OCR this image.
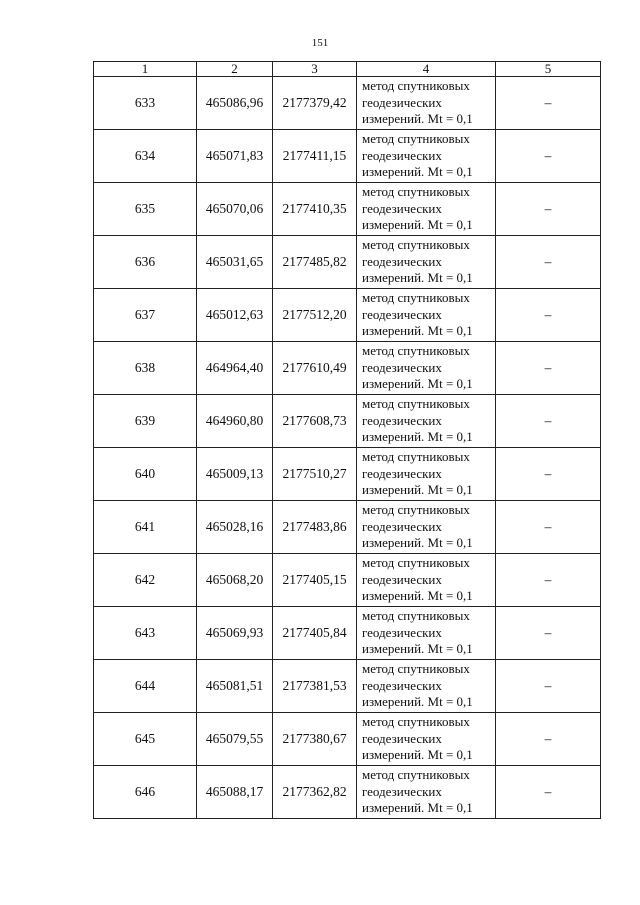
151
1	2	3	4	5
633	465086,96	2177379,42	метод спутниковых
геодезических
измерений. Mt = 0,1	–
634	465071,83	2177411,15	метод спутниковых
геодезических
измерений. Mt = 0,1	–
635	465070,06	2177410,35	метод спутниковых
геодезических
измерений. Mt = 0,1	–
636	465031,65	2177485,82	метод спутниковых
геодезических
измерений. Mt = 0,1	–
637	465012,63	2177512,20	метод спутниковых
геодезических
измерений. Mt = 0,1	–
638	464964,40	2177610,49	метод спутниковых
геодезических
измерений. Mt = 0,1	–
639	464960,80	2177608,73	метод спутниковых
геодезических
измерений. Mt = 0,1	–
640	465009,13	2177510,27	метод спутниковых
геодезических
измерений. Mt = 0,1	–
641	465028,16	2177483,86	метод спутниковых
геодезических
измерений. Mt = 0,1	–
642	465068,20	2177405,15	метод спутниковых
геодезических
измерений. Mt = 0,1	–
643	465069,93	2177405,84	метод спутниковых
геодезических
измерений. Mt = 0,1	–
644	465081,51	2177381,53	метод спутниковых
геодезических
измерений. Mt = 0,1	–
645	465079,55	2177380,67	метод спутниковых
геодезических
измерений. Mt = 0,1	–
646	465088,17	2177362,82	метод спутниковых
геодезических
измерений. Mt = 0,1	–
